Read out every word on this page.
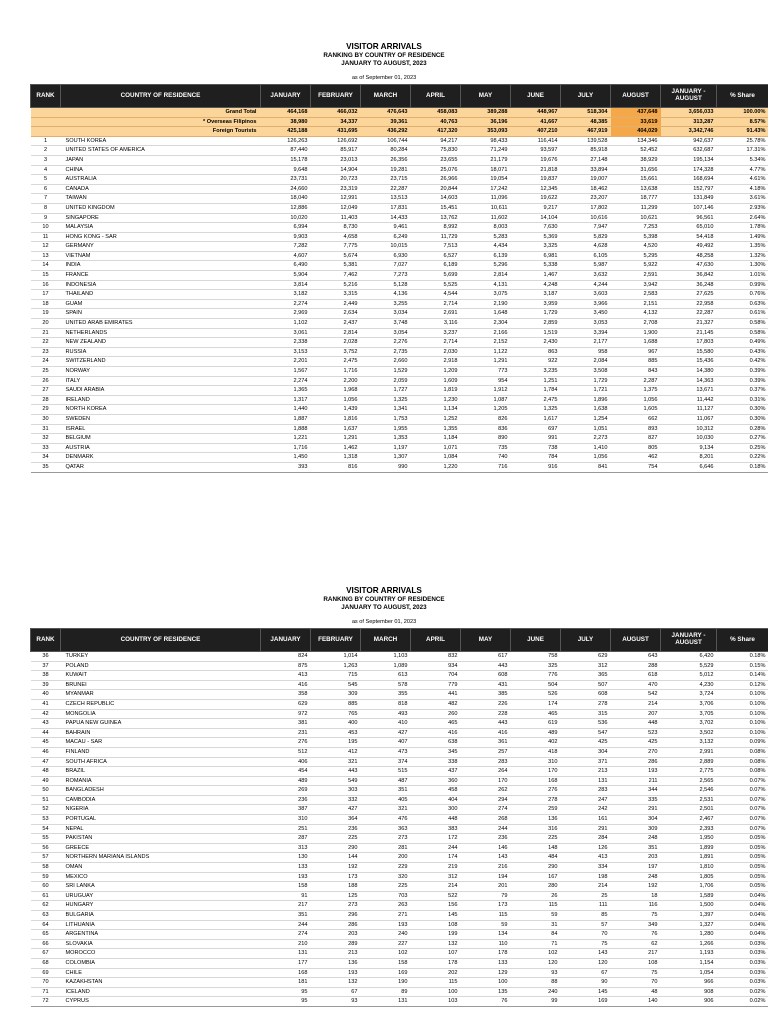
VISITOR ARRIVALS
RANKING BY COUNTRY OF RESIDENCE
JANUARY TO AUGUST, 2023
as of September 01, 2023
RANK	COUNTRY OF RESIDENCE	JANUARY	FEBRUARY	MARCH	APRIL	MAY	JUNE	JULY	AUGUST	JANUARY - AUGUST	% Share
Grand Total		464,168	466,032	476,643	458,083	389,288	448,967	518,304	437,648	3,656,033	100.00%
* Overseas Filipinos		38,980	34,337	39,361	40,763	36,196	41,667	48,385	33,619	313,287	8.57%
Foreign Tourists		425,188	431,695	436,292	417,320	353,093	407,210	467,919	404,029	3,342,746	91.43%
1	SOUTH KOREA	126,263	126,692	106,744	94,217	98,433	116,414	139,528	134,346	942,637	25.78%
2	UNITED STATES OF AMERICA	87,440	85,917	80,284	75,830	71,249	93,597	85,918	52,452	632,687	17.31%
3	JAPAN	15,178	23,013	26,356	23,655	21,179	19,676	27,148	38,929	195,134	5.34%
4	CHINA	9,648	14,904	19,281	25,076	18,071	21,818	33,894	31,656	174,328	4.77%
5	AUSTRALIA	23,731	20,723	23,715	26,966	19,054	19,837	19,007	15,661	168,694	4.61%
6	CANADA	24,660	23,319	22,287	20,844	17,242	12,345	18,462	13,638	152,797	4.18%
7	TAIWAN	18,040	12,991	13,513	14,603	11,096	19,622	23,207	18,777	131,849	3.61%
8	UNITED KINGDOM	12,886	12,049	17,831	15,451	10,611	9,217	17,802	11,299	107,146	2.93%
9	SINGAPORE	10,020	11,403	14,433	13,762	11,602	14,104	10,616	10,621	96,561	2.64%
10	MALAYSIA	6,994	8,730	9,461	8,992	8,003	7,630	7,947	7,253	65,010	1.78%
11	HONG KONG - SAR	9,903	4,658	6,249	11,729	5,283	5,369	5,829	5,398	54,418	1.49%
12	GERMANY	7,282	7,775	10,015	7,513	4,434	3,325	4,628	4,520	49,492	1.35%
13	VIETNAM	4,607	5,674	6,930	6,527	6,139	6,981	6,105	5,295	48,258	1.32%
14	INDIA	6,490	5,381	7,027	6,189	5,296	5,338	5,987	5,922	47,630	1.30%
15	FRANCE	5,904	7,462	7,273	5,699	2,814	1,467	3,632	2,591	36,842	1.01%
16	INDONESIA	3,814	5,216	5,128	5,525	4,131	4,248	4,244	3,942	36,248	0.99%
17	THAILAND	3,182	3,315	4,136	4,544	3,075	3,187	3,603	2,583	27,625	0.76%
18	GUAM	2,274	2,449	3,255	2,714	2,190	3,959	3,966	2,151	22,958	0.63%
19	SPAIN	2,969	2,634	3,034	2,691	1,648	1,729	3,450	4,132	22,287	0.61%
20	UNITED ARAB EMIRATES	1,102	2,437	3,748	3,116	2,304	2,859	3,053	2,708	21,327	0.58%
21	NETHERLANDS	3,061	2,814	3,054	3,237	2,166	1,519	3,394	1,900	21,145	0.58%
22	NEW ZEALAND	2,338	2,028	2,276	2,714	2,152	2,430	2,177	1,688	17,803	0.49%
23	RUSSIA	3,153	3,752	2,735	2,030	1,122	863	958	967	15,580	0.43%
24	SWITZERLAND	2,201	2,475	2,660	2,918	1,291	922	2,084	885	15,436	0.42%
25	NORWAY	1,567	1,716	1,529	1,209	773	3,235	3,508	843	14,380	0.39%
26	ITALY	2,274	2,200	2,059	1,609	954	1,251	1,729	2,287	14,363	0.39%
27	SAUDI ARABIA	1,365	1,968	1,727	1,819	1,912	1,784	1,721	1,375	13,671	0.37%
28	IRELAND	1,317	1,056	1,325	1,230	1,087	2,475	1,896	1,056	11,442	0.31%
29	NORTH KOREA	1,440	1,439	1,341	1,134	1,205	1,325	1,638	1,605	11,127	0.30%
30	SWEDEN	1,887	1,816	1,753	1,252	826	1,617	1,254	662	11,067	0.30%
31	ISRAEL	1,888	1,637	1,955	1,355	836	697	1,051	893	10,312	0.28%
32	BELGIUM	1,221	1,291	1,353	1,184	890	991	2,273	827	10,030	0.27%
33	AUSTRIA	1,716	1,462	1,197	1,071	735	738	1,410	805	9,134	0.25%
34	DENMARK	1,450	1,318	1,307	1,084	740	784	1,056	462	8,201	0.22%
35	QATAR	393	816	990	1,220	716	916	841	754	6,646	0.18%
VISITOR ARRIVALS
RANKING BY COUNTRY OF RESIDENCE
JANUARY TO AUGUST, 2023
as of September 01, 2023
RANK	COUNTRY OF RESIDENCE	JANUARY	FEBRUARY	MARCH	APRIL	MAY	JUNE	JULY	AUGUST	JANUARY - AUGUST	% Share
36	TURKEY	824	1,014	1,103	832	617	758	629	643	6,420	0.18%
37	POLAND	875	1,263	1,089	934	443	325	312	288	5,529	0.15%
38	KUWAIT	413	715	613	704	608	776	365	618	5,012	0.14%
39	BRUNEI	416	545	578	779	431	504	507	470	4,230	0.12%
40	MYANMAR	358	309	355	441	385	526	608	542	3,724	0.10%
41	CZECH REPUBLIC	629	885	818	482	226	174	278	214	3,706	0.10%
42	MONGOLIA	972	765	493	260	228	465	315	207	3,705	0.10%
43	PAPUA NEW GUINEA	381	400	410	465	443	619	536	448	3,702	0.10%
44	BAHRAIN	231	453	427	416	416	489	547	523	3,502	0.10%
45	MACAU - SAR	276	195	407	638	361	402	425	425	3,132	0.09%
46	FINLAND	512	412	473	345	257	418	304	270	2,991	0.08%
47	SOUTH AFRICA	406	321	374	338	283	310	371	286	2,889	0.08%
48	BRAZIL	454	443	515	437	264	170	213	193	2,775	0.08%
49	ROMANIA	489	549	487	360	170	168	131	211	2,565	0.07%
50	BANGLADESH	269	303	351	458	262	276	283	344	2,546	0.07%
51	CAMBODIA	236	332	405	404	294	278	247	335	2,531	0.07%
52	NIGERIA	387	427	321	300	274	259	242	291	2,501	0.07%
53	PORTUGAL	310	364	476	448	268	136	161	304	2,467	0.07%
54	NEPAL	251	236	363	383	244	316	291	309	2,393	0.07%
55	PAKISTAN	287	225	273	172	236	225	284	248	1,950	0.05%
56	GREECE	313	290	281	244	146	148	126	351	1,899	0.05%
57	NORTHERN MARIANA ISLANDS	130	144	200	174	143	484	413	203	1,891	0.05%
58	OMAN	133	192	229	219	216	290	334	197	1,810	0.05%
59	MEXICO	193	173	320	312	194	167	198	248	1,805	0.05%
60	SRI LANKA	158	188	225	214	201	280	214	192	1,706	0.05%
61	URUGUAY	91	125	703	522	79	26	25	18	1,589	0.04%
62	HUNGARY	217	273	263	156	173	115	111	116	1,500	0.04%
63	BULGARIA	351	296	271	145	115	59	85	75	1,397	0.04%
64	LITHUANIA	244	286	193	108	59	31	57	349	1,327	0.04%
65	ARGENTINA	274	203	240	199	134	84	70	76	1,280	0.04%
66	SLOVAKIA	210	289	227	132	110	71	75	62	1,266	0.03%
67	MOROCCO	131	213	102	107	178	102	143	217	1,193	0.03%
68	COLOMBIA	177	136	158	178	133	120	120	108	1,154	0.03%
69	CHILE	168	193	169	202	129	93	67	75	1,054	0.03%
70	KAZAKHSTAN	181	132	190	115	100	88	90	70	966	0.03%
71	ICELAND	95	67	89	100	135	240	145	48	908	0.02%
72	CYPRUS	95	93	131	103	76	99	169	140	906	0.02%
